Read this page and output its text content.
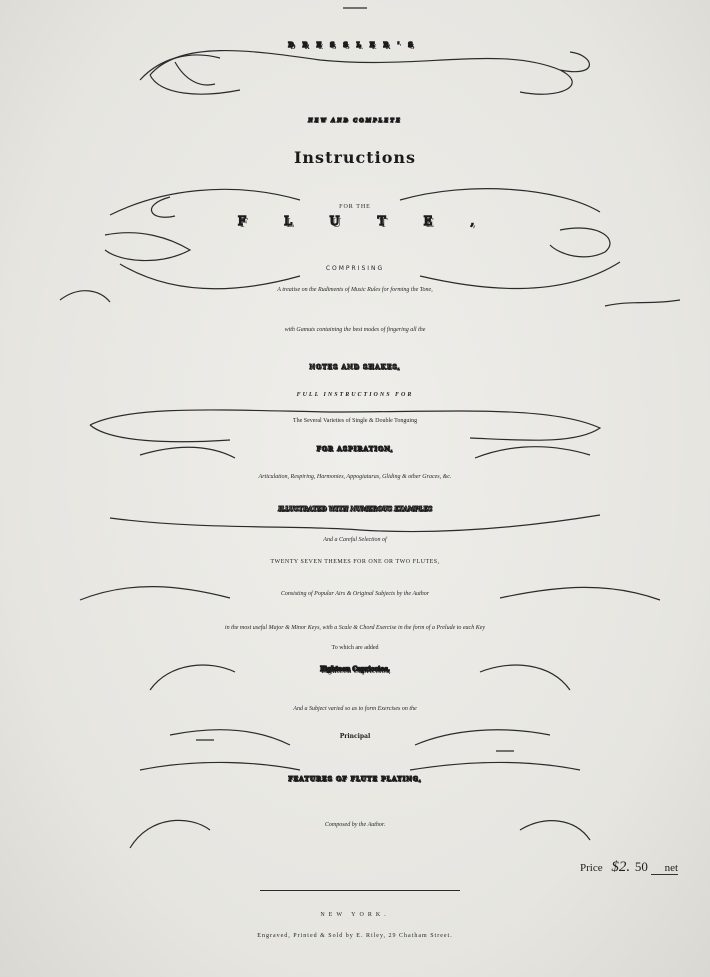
DRESSLER'S
NEW AND COMPLETE
Instructions
FOR THE
FLUTE,
COMPRISING
A treatise on the Rudiments of Music Rules for forming the Tone,
with Gamuts containing the best modes of fingering all the
NOTES AND SHAKES,
FULL INSTRUCTIONS FOR
The Several Varieties of Single & Double Tonguing
FOR ASPIRATION,
Articulation, Respiring, Harmonies, Appogiaturas, Gliding & other Graces, &c.
ILLUSTRATED WITH NUMEROUS EXAMPLES
And a Careful Selection of
TWENTY SEVEN THEMES FOR ONE OR TWO FLUTES,
Consisting of Popular Airs & Original Subjects by the Author
in the most useful Major & Minor Keys, with a Scale & Chord Exercise in the form of a Prelude to each Key
To which are added
Eighteen Capriccios,
And a Subject varied so as to form Exercises on the
Principal
FEATURES OF FLUTE PLAYING,
Composed by the Author.
Price $2. 50 net
NEW YORK.
Engraved, Printed & Sold by E. Riley, 29 Chatham Street.
